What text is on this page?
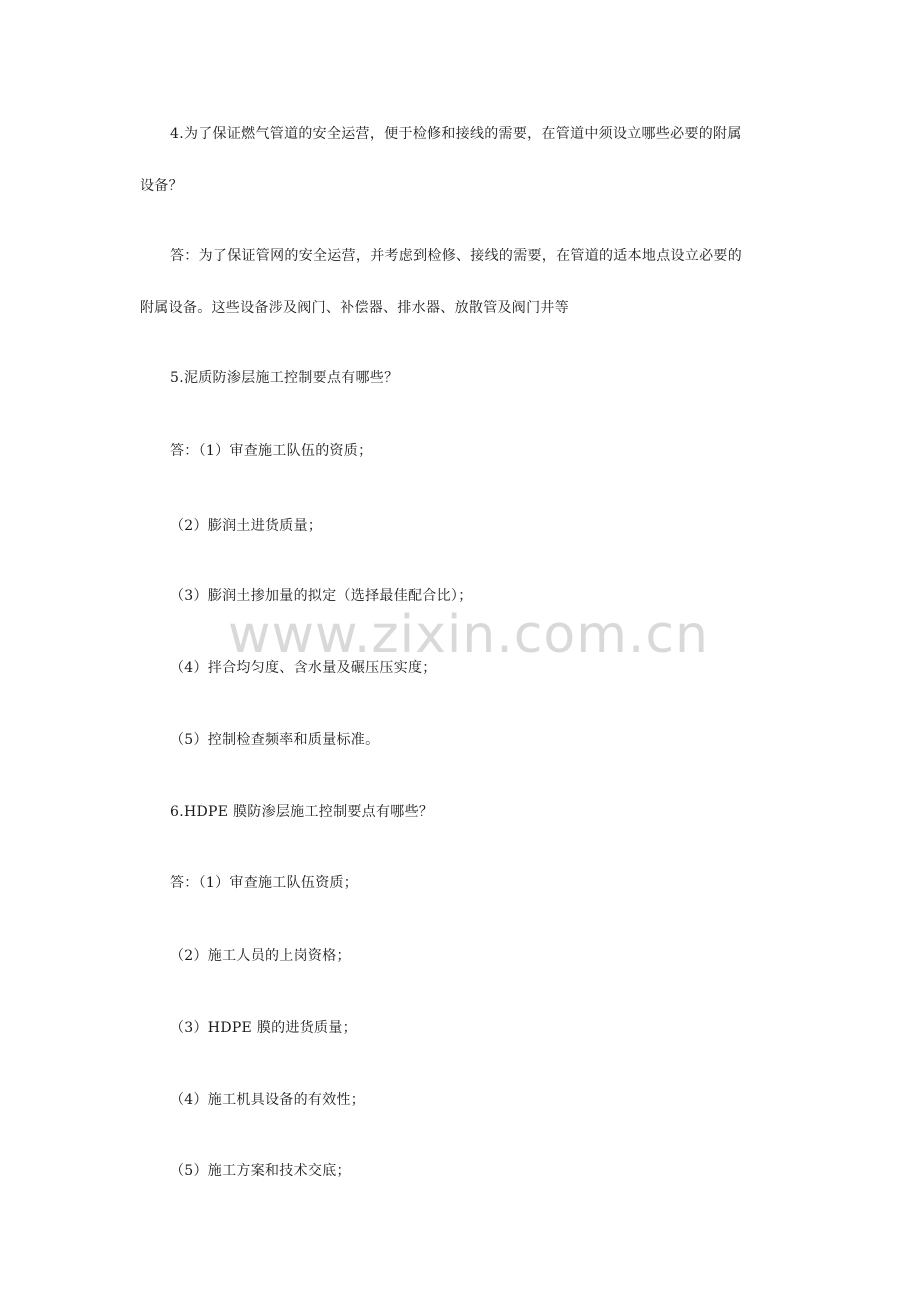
4.为了保证燃气管道的安全运营，便于检修和接线的需要，在管道中须设立哪些必要的附属
设备？
答：为了保证管网的安全运营，并考虑到检修、接线的需要，在管道的适本地点设立必要的
附属设备。这些设备涉及阀门、补偿器、排水器、放散管及阀门井等
5.泥质防渗层施工控制要点有哪些？
答：（1）审查施工队伍的资质；
（2）膨润土进货质量；
（3）膨润土掺加量的拟定（选择最佳配合比）；
（4）拌合均匀度、含水量及碾压压实度；
（5）控制检查频率和质量标准。
6.HDPE 膜防渗层施工控制要点有哪些？
答：（1）审查施工队伍资质；
（2）施工人员的上岗资格；
（3）HDPE 膜的进货质量；
（4）施工机具设备的有效性；
（5）施工方案和技术交底；
www.zixin.com.cn
